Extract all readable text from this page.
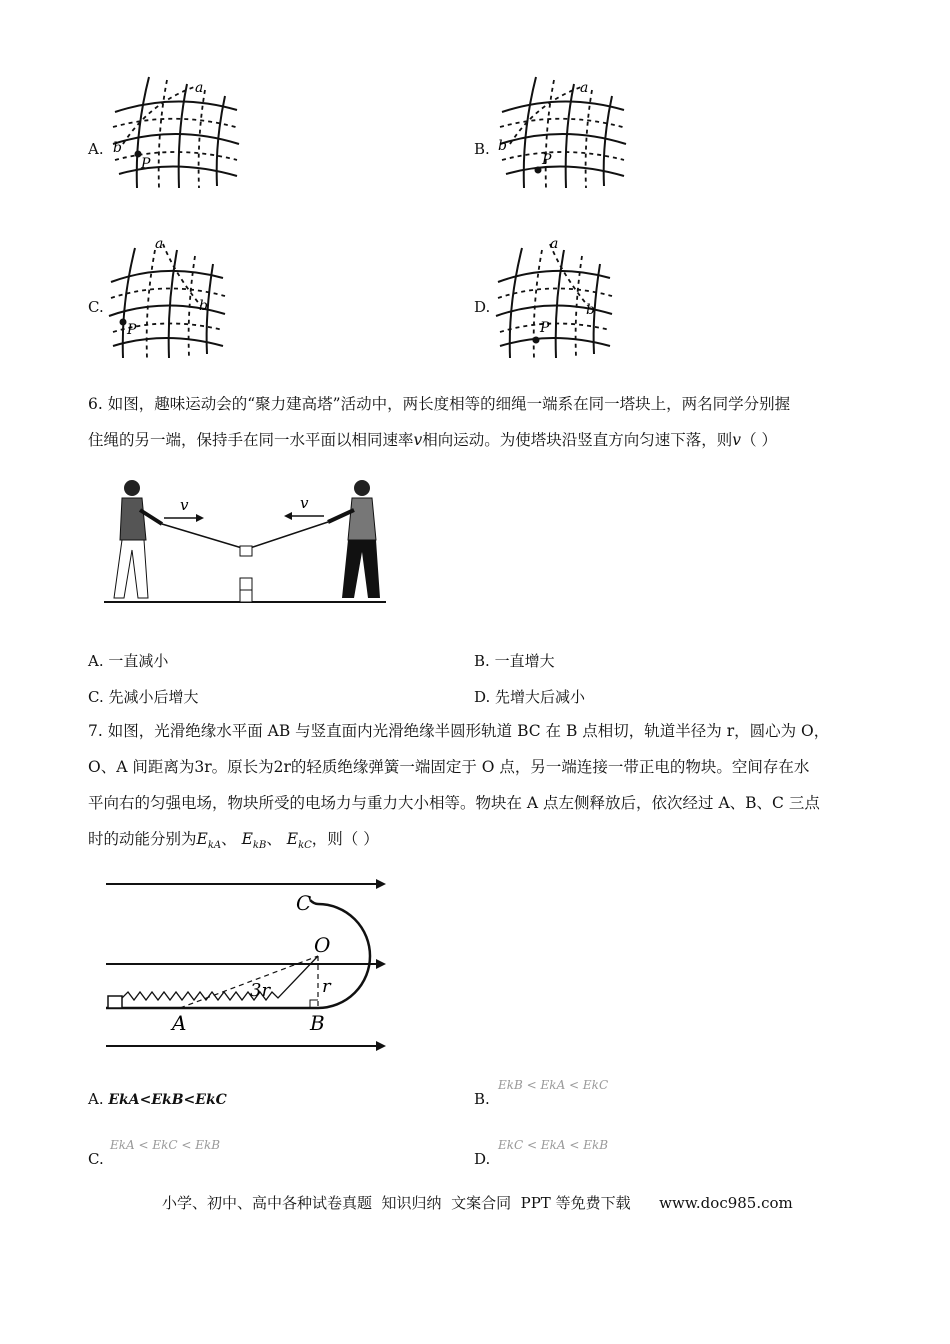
A.
a
b
P
B.
a
b
P
C.
a
b
P
D.
a
b
P

6. 如图，趣味运动会的“聚力建高塔”活动中，两长度相等的细绳一端系在同一塔块上，两名同学分别握

住绳的另一端，保持手在同一水平面以相同速率v相向运动。为使塔块沿竖直方向匀速下落，则v（ ）

v	v
A. 一直减小	B. 一直增大
C. 先减小后增大	D. 先增大后减小

7. 如图，光滑绝缘水平面 AB 与竖直面内光滑绝缘半圆形轨道 BC 在 B 点相切，轨道半径为 r，圆心为 O，

O、A 间距离为3r。原长为2r的轻质绝缘弹簧一端固定于 O 点，另一端连接一带正电的物块。空间存在水

平向右的匀强电场，物块所受的电场力与重力大小相等。物块在 A 点左侧释放后，依次经过 A、B、C 三点

时的动能分别为$E_{kA}$、 $E_{kB}$、 $E_{kC}$，则（ ）

C
O
3r	r
A	B
A. EkA<EkB<EkC	B.
EkB < EkA < EkC
C.
EkA < EkC < EkB
D.
EkC < EkA < EkB
小学、初中、高中各种试卷真题  知识归纳  文案合同  PPT 等免费下载      www.doc985.com
